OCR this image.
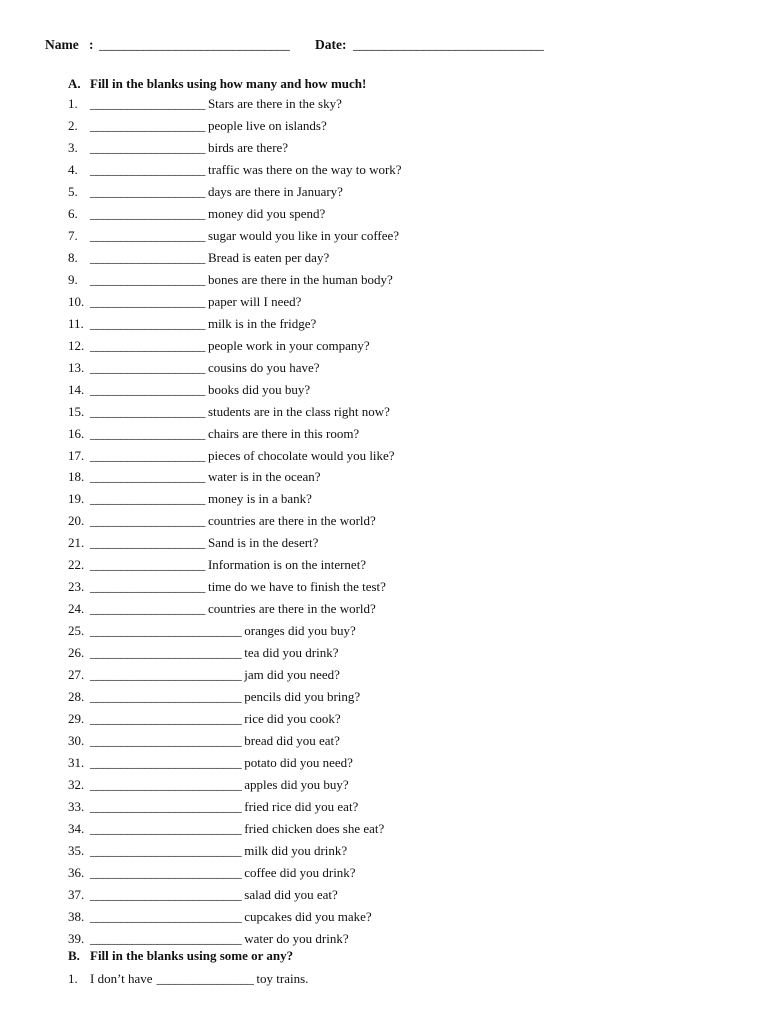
Name : ______________________________ Date: ______________________________
A. Fill in the blanks using how many and how much!
1. ___________________ Stars are there in the sky?
2. ___________________ people live on islands?
3. ___________________ birds are there?
4. ___________________ traffic was there on the way to work?
5. ___________________ days are there in January?
6. ___________________ money did you spend?
7. ___________________ sugar would you like in your coffee?
8. ___________________ Bread is eaten per day?
9. ___________________ bones are there in the human body?
10. ___________________ paper will I need?
11. ___________________ milk is in the fridge?
12. ___________________ people work in your company?
13. ___________________ cousins do you have?
14. ___________________ books did you buy?
15. ___________________ students are in the class right now?
16. ___________________ chairs are there in this room?
17. ___________________ pieces of chocolate would you like?
18. ___________________ water is in the ocean?
19. ___________________ money is in a bank?
20. ___________________ countries are there in the world?
21. ___________________ Sand is in the desert?
22. ___________________ Information is on the internet?
23. ___________________ time do we have to finish the test?
24. ___________________ countries are there in the world?
25. _________________________ oranges did you buy?
26. _________________________ tea did you drink?
27. _________________________ jam did you need?
28. _________________________ pencils did you bring?
29. _________________________ rice did you cook?
30. _________________________ bread did you eat?
31. _________________________ potato did you need?
32. _________________________ apples did you buy?
33. _________________________ fried rice did you eat?
34. _________________________ fried chicken does she eat?
35. _________________________ milk did you drink?
36. _________________________ coffee did you drink?
37. _________________________ salad did you eat?
38. _________________________ cupcakes did you make?
39. _________________________ water do you drink?
B. Fill in the blanks using some or any?
1. I don’t have ________________ toy trains.
